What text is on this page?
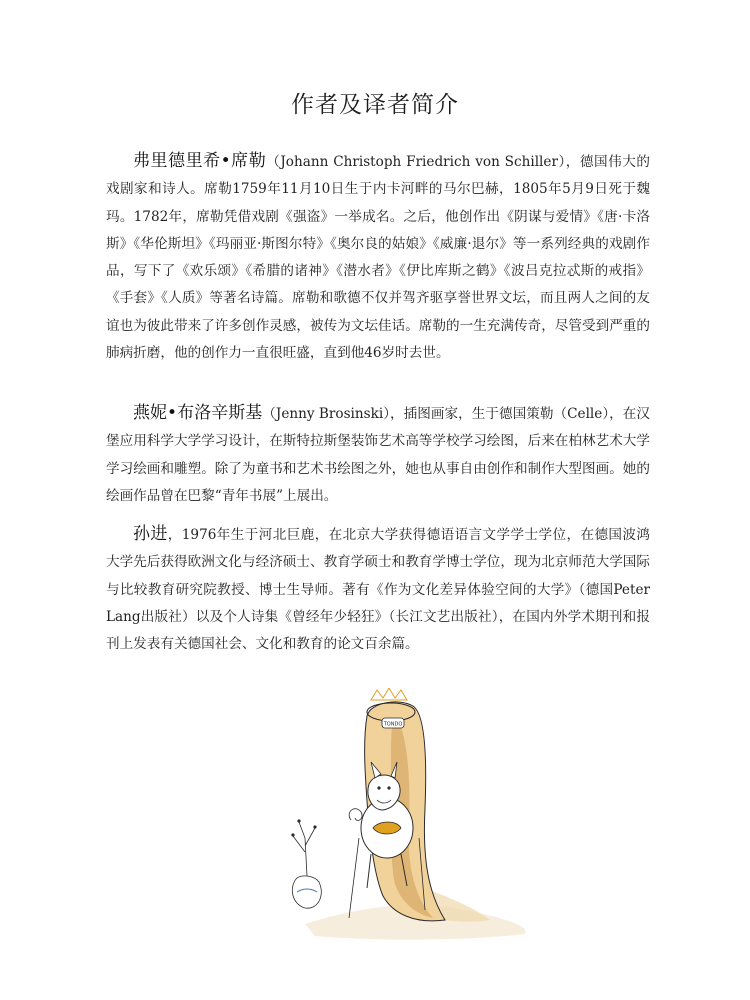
作者及译者简介

弗里德里希•席勒（Johann Christoph Friedrich von Schiller），德国伟大的戏剧家和诗人。席勒1759年11月10日生于内卡河畔的马尔巴赫，1805年5月9日死于魏玛。1782年，席勒凭借戏剧《强盗》一举成名。之后，他创作出《阴谋与爱情》《唐·卡洛斯》《华伦斯坦》《玛丽亚·斯图尔特》《奥尔良的姑娘》《威廉·退尔》等一系列经典的戏剧作品，写下了《欢乐颂》《希腊的诸神》《潜水者》《伊比库斯之鹤》《波吕克拉忒斯的戒指》《手套》《人质》等著名诗篇。席勒和歌德不仅并驾齐驱享誉世界文坛，而且两人之间的友谊也为彼此带来了许多创作灵感，被传为文坛佳话。席勒的一生充满传奇，尽管受到严重的肺病折磨，他的创作力一直很旺盛，直到他46岁时去世。

燕妮•布洛辛斯基（Jenny Brosinski），插图画家，生于德国策勒（Celle），在汉堡应用科学大学学习设计，在斯特拉斯堡装饰艺术高等学校学习绘图，后来在柏林艺术大学学习绘画和雕塑。除了为童书和艺术书绘图之外，她也从事自由创作和制作大型图画。她的绘画作品曾在巴黎“青年书展”上展出。

孙进，1976年生于河北巨鹿，在北京大学获得德语语言文学学士学位，在德国波鸿大学先后获得欧洲文化与经济硕士、教育学硕士和教育学博士学位，现为北京师范大学国际与比较教育研究院教授、博士生导师。著有《作为文化差异体验空间的大学》（德国Peter Lang出版社）以及个人诗集《曾经年少轻狂》（长江文艺出版社），在国内外学术期刊和报刊上发表有关德国社会、文化和教育的论文百余篇。

TONDO
